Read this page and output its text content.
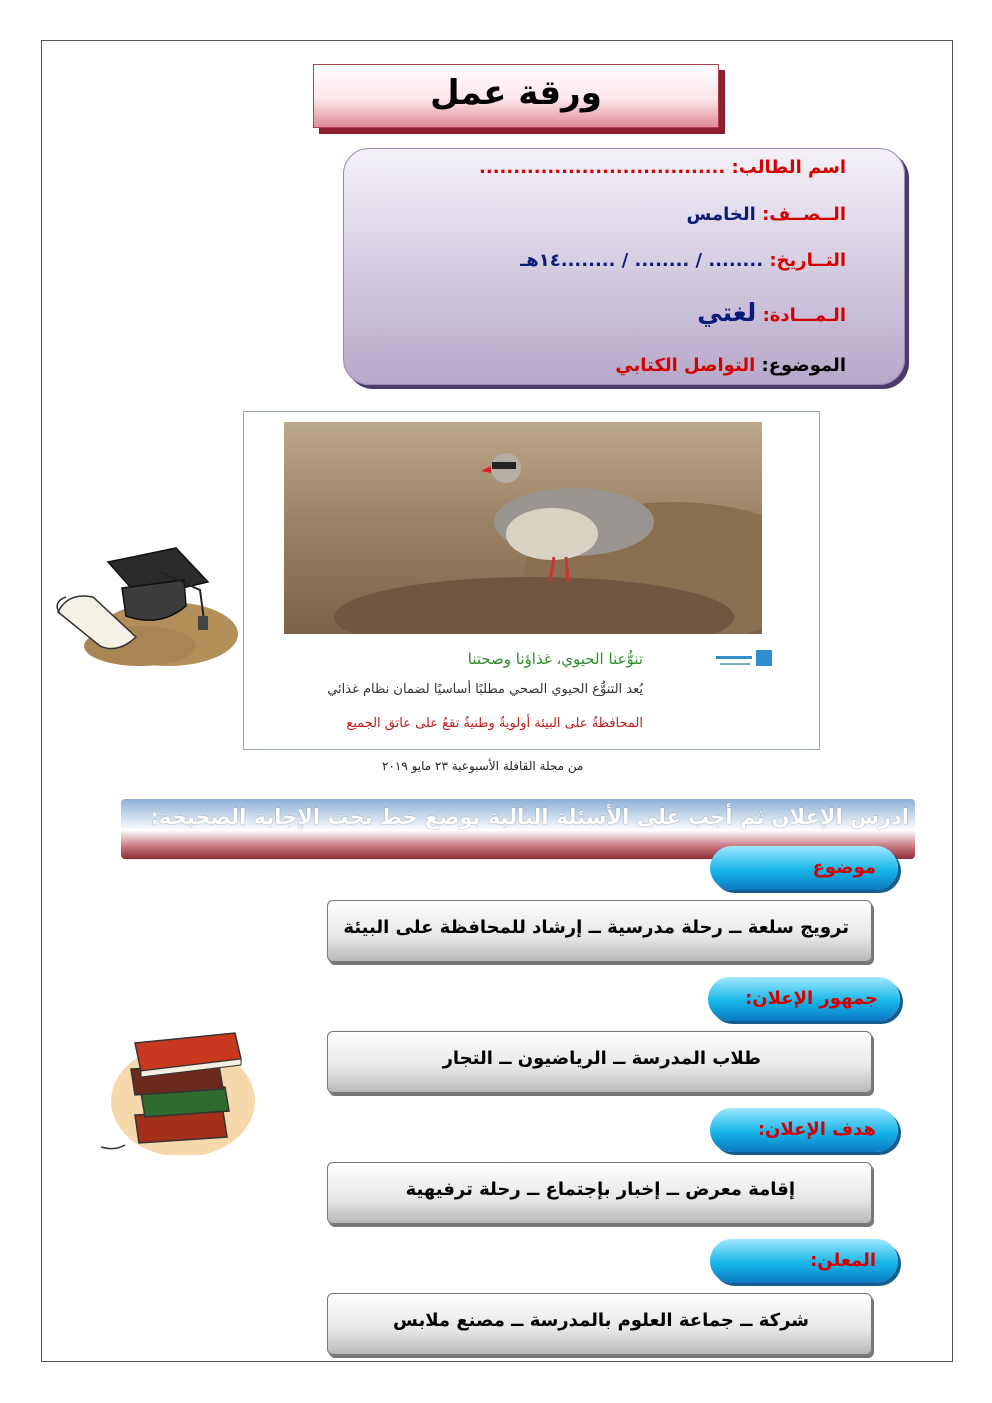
ورقة عمل
اسم الطالب: ....................................
الــصــف: الخامس
التــاريخ: ........ / ........ / ........١٤هـ
الـمـــادة: لغتي
الموضوع: التواصل الكتابي
تنوُّعنا الحيوي، غذاؤنا وصحتنا
يُعد التنوُّع الحيوي الصحي مطلبًا أساسيًا لضمان نظام غذائي
المحافظةُ على البيئة أولويةٌ وطنيةٌ تقعُ على عاتق الجميع
من مجلة القافلة الأسبوعية ٢٣ مايو ٢٠١٩
ادرس الإعلان ثم أجب على الأسئلة التالية بوضع خط تحت الإجابة الصحيحة:
موضوع
ترويج سلعة ــ رحلة مدرسية ــ إرشاد للمحافظة على البيئة
جمهور الإعلان:
طلاب المدرسة ــ الرياضيون ــ التجار
هدف الإعلان:
إقامة معرض ــ إخبار بإجتماع ــ رحلة ترفيهية
المعلن:
شركة ــ جماعة العلوم بالمدرسة ــ مصنع ملابس
